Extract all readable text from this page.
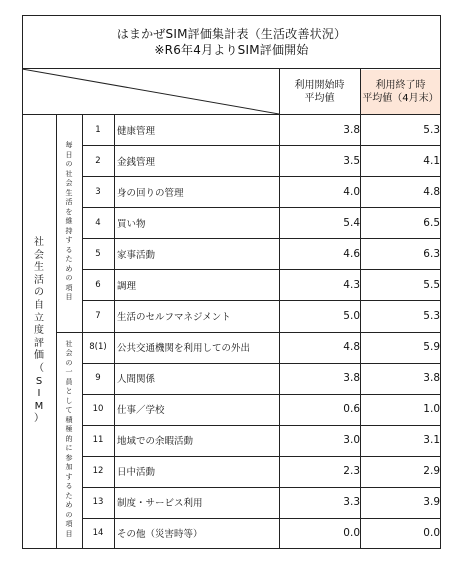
はまかぜSIM評価集計表（生活改善状況）
※R6年4月よりSIM評価開始
利用開始時
平均値
利用終了時
平均値（4月末）
社
会
生
活
の
自
立
度
評
価
（
S
I
M
）
毎
日
の
社
会
生
活
を
維
持
す
る
た
め
の
項
目
社
会
の
一
員
と
し
て
積
極
的
に
参
加
す
る
た
め
の
項
目
1	健康管理	3.8	5.3
2	金銭管理	3.5	4.1
3	身の回りの管理	4.0	4.8
4	買い物	5.4	6.5
5	家事活動	4.6	6.3
6	調理	4.3	5.5
7	生活のセルフマネジメント	5.0	5.3
8(1)	公共交通機関を利用しての外出	4.8	5.9
9	人間関係	3.8	3.8
10	仕事／学校	0.6	1.0
11	地域での余暇活動	3.0	3.1
12	日中活動	2.3	2.9
13	制度・サービス利用	3.3	3.9
14	その他（災害時等）	0.0	0.0
